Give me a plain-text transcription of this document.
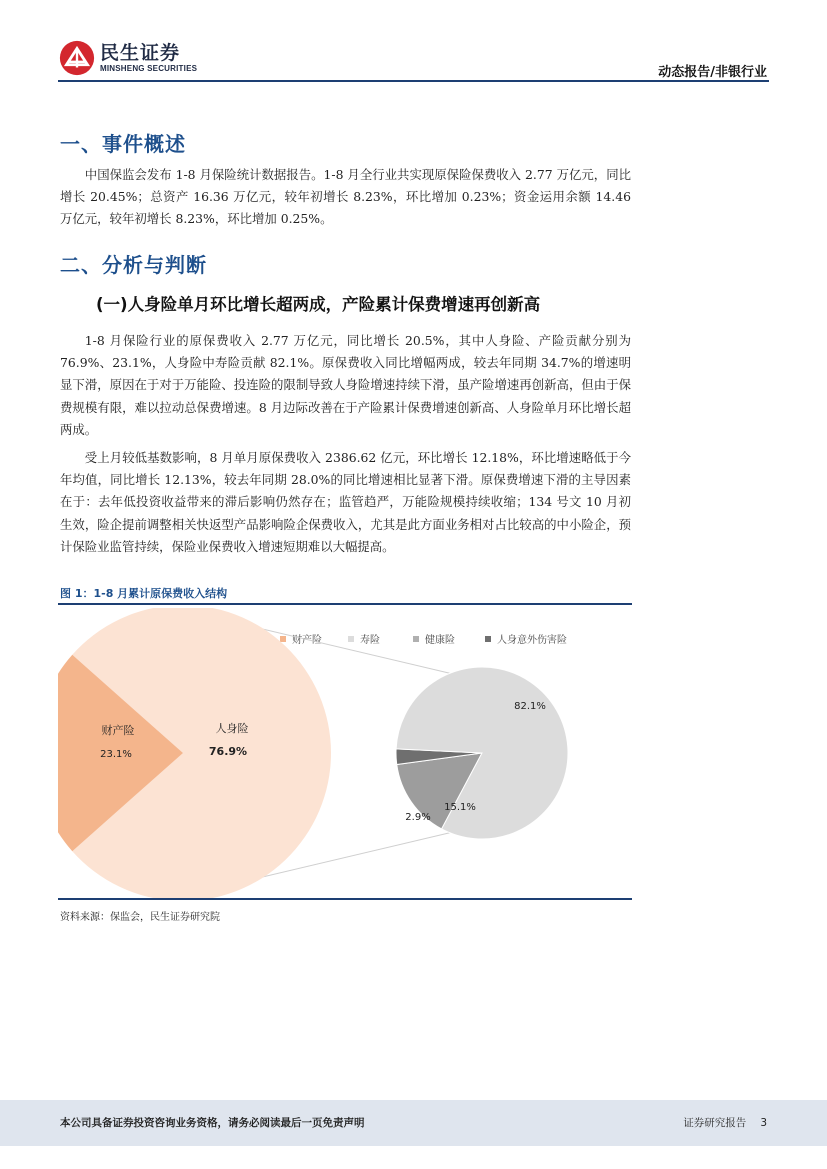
民生证券
MINSHENG SECURITIES	动态报告/非银行业
一、事件概述

中国保监会发布 1-8 月保险统计数据报告。1-8 月全行业共实现原保险保费收入 2.77 万亿元，同比增长 20.45%；总资产 16.36 万亿元，较年初增长 8.23%，环比增加 0.23%；资金运用余额 14.46 万亿元，较年初增长 8.23%，环比增加 0.25%。

二、分析与判断
(一)人身险单月环比增长超两成，产险累计保费增速再创新高

1-8 月保险行业的原保费收入 2.77 万亿元，同比增长 20.5%，其中人身险、产险贡献分别为 76.9%、23.1%，人身险中寿险贡献 82.1%。原保费收入同比增幅两成，较去年同期 34.7%的增速明显下滑，原因在于对于万能险、投连险的限制导致人身险增速持续下滑，虽产险增速再创新高，但由于保费规模有限，难以拉动总保费增速。8 月边际改善在于产险累计保费增速创新高、人身险单月环比增长超两成。

受上月较低基数影响，8 月单月原保费收入 2386.62 亿元，环比增长 12.18%，环比增速略低于今年均值，同比增长 12.13%，较去年同期 28.0%的同比增速相比显著下滑。原保费增速下滑的主导因素在于：去年低投资收益带来的滞后影响仍然存在；监管趋严，万能险规模持续收缩；134 号文 10 月初生效，险企提前调整相关快返型产品影响险企保费收入，尤其是此方面业务相对占比较高的中小险企，预计保险业监管持续，保险业保费收入增速短期难以大幅提高。

图 1：1-8 月累计原保费收入结构
财产险	寿险	健康险	人身意外伤害险
财产险
23.1%
人身险
76.9%
82.1%
15.1%
2.9%
资料来源：保监会，民生证券研究院
本公司具备证券投资咨询业务资格，请务必阅读最后一页免责声明	证券研究报告 3
